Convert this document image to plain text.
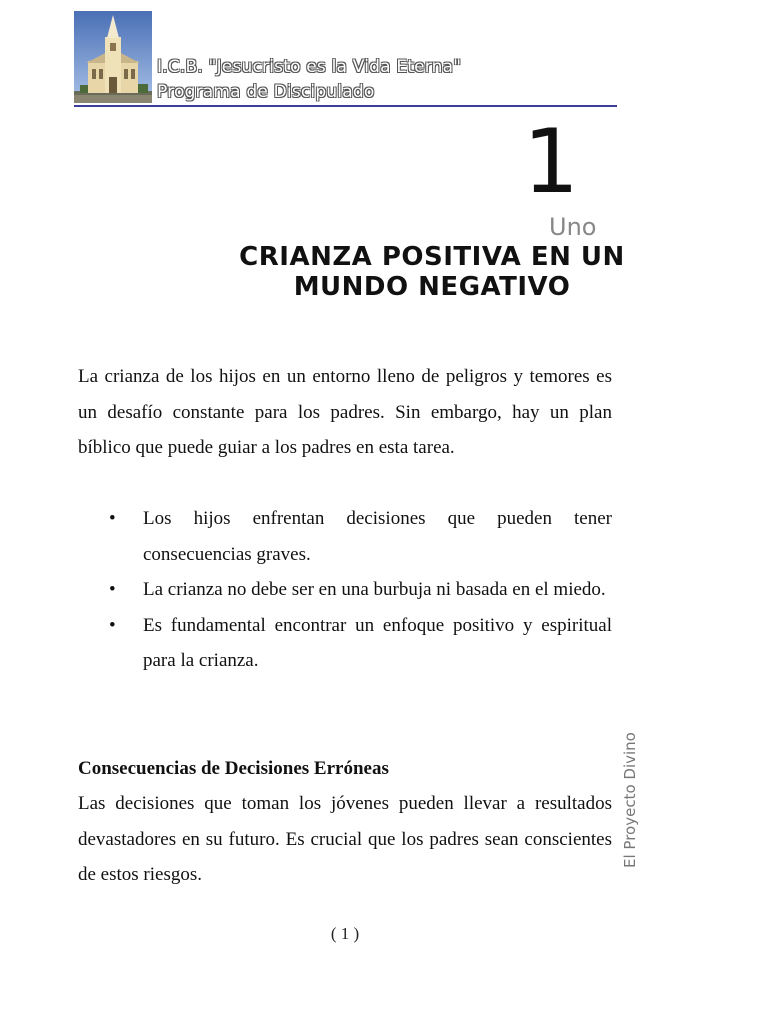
I.C.B. "Jesucristo es la Vida Eterna"
Programa de Discipulado
1
Uno
CRIANZA POSITIVA EN UN
MUNDO NEGATIVO

La crianza de los hijos en un entorno lleno de peligros y temores es un desafío constante para los padres. Sin embargo, hay un plan bíblico que puede guiar a los padres en esta tarea.

• Los hijos enfrentan decisiones que pueden tener consecuencias graves.
• La crianza no debe ser en una burbuja ni basada en el miedo.
• Es fundamental encontrar un enfoque positivo y espiritual para la crianza.
Consecuencias de Decisiones Erróneas

Las decisiones que toman los jóvenes pueden llevar a resultados devastadores en su futuro. Es crucial que los padres sean conscientes de estos riesgos.

El Proyecto Divino
( 1 )
